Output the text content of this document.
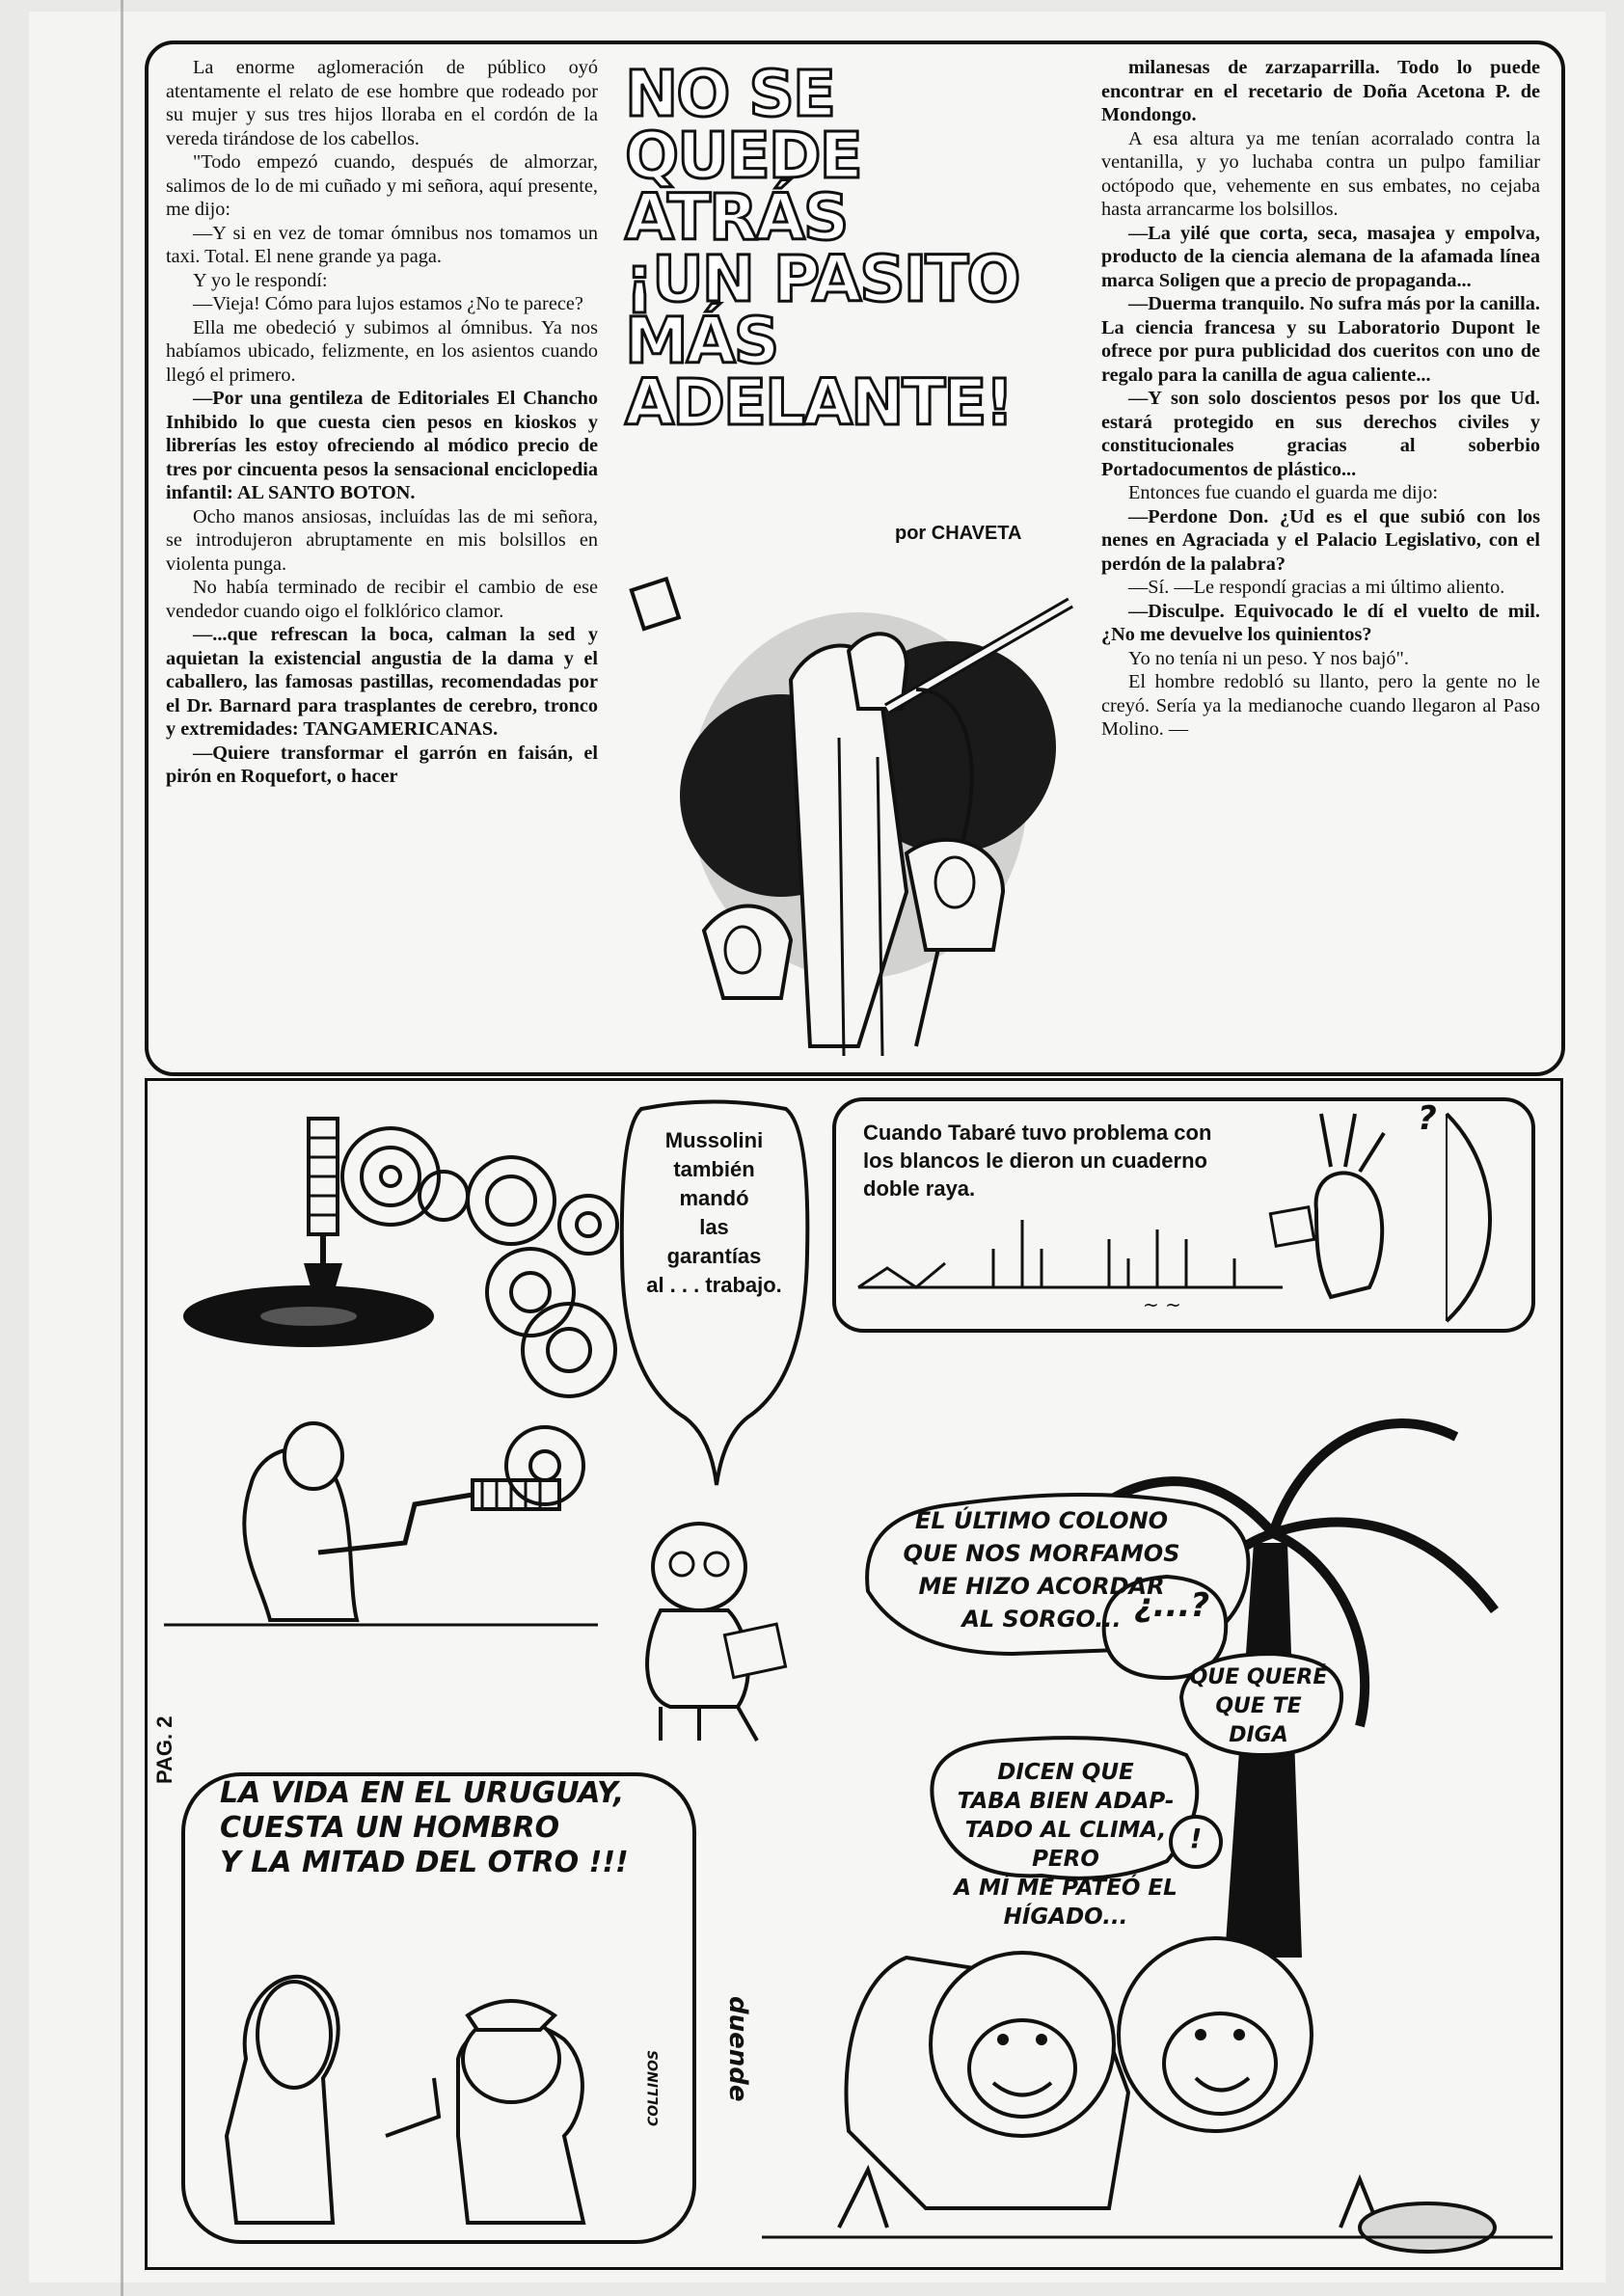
La enorme aglomeración de público oyó atentamente el relato de ese hombre que rodeado por su mujer y sus tres hijos lloraba en el cordón de la vereda tirándose de los cabellos.

"Todo empezó cuando, después de almorzar, salimos de lo de mi cuñado y mi señora, aquí presente, me dijo:

—Y si en vez de tomar ómnibus nos tomamos un taxi. Total. El nene grande ya paga.

Y yo le respondí:

—Vieja! Cómo para lujos estamos ¿No te parece?

Ella me obedeció y subimos al ómnibus. Ya nos habíamos ubicado, felizmente, en los asientos cuando llegó el primero.

—Por una gentileza de Editoriales El Chancho Inhibido lo que cuesta cien pesos en kioskos y librerías les estoy ofreciendo al módico precio de tres por cincuenta pesos la sensacional enciclopedia infantil: AL SANTO BOTON.

Ocho manos ansiosas, incluídas las de mi señora, se introdujeron abruptamente en mis bolsillos en violenta punga.

No había terminado de recibir el cambio de ese vendedor cuando oigo el folklórico clamor.

—...que refrescan la boca, calman la sed y aquietan la existencial angustia de la dama y el caballero, las famosas pastillas, recomendadas por el Dr. Barnard para trasplantes de cerebro, tronco y extremidades: TANGAMERICANAS.

—Quiere transformar el garrón en faisán, el pirón en Roquefort, o hacer

milanesas de zarzaparrilla. Todo lo puede encontrar en el recetario de Doña Acetona P. de Mondongo.

A esa altura ya me tenían acorralado contra la ventanilla, y yo luchaba contra un pulpo familiar octópodo que, vehemente en sus embates, no cejaba hasta arrancarme los bolsillos.

—La yilé que corta, seca, masajea y empolva, producto de la ciencia alemana de la afamada línea marca Soligen que a precio de propaganda...

—Duerma tranquilo. No sufra más por la canilla. La ciencia francesa y su Laboratorio Dupont le ofrece por pura publicidad dos cueritos con uno de regalo para la canilla de agua caliente...

—Y son solo doscientos pesos por los que Ud. estará protegido en sus derechos civiles y constitucionales gracias al soberbio Portadocumentos de plástico...

Entonces fue cuando el guarda me dijo:

—Perdone Don. ¿Ud es el que subió con los nenes en Agraciada y el Palacio Legislativo, con el perdón de la palabra?

—Sí. —Le respondí gracias a mi último aliento.

—Disculpe. Equivocado le dí el vuelto de mil. ¿No me devuelve los quinientos?

Yo no tenía ni un peso. Y nos bajó".

El hombre redobló su llanto, pero la gente no le creyó. Sería ya la medianoche cuando llegaron al Paso Molino. —

NO SE
QUEDE
ATRÁS
¡UN PASITO
MÁS
ADELANTE!
por CHAVETA
Mussolini
también
mandó
las
garantías
al . . . trabajo.
~ ~
Cuando Tabaré tuvo problema con
los blancos le dieron un cuaderno
doble raya.
?
EL ÚLTIMO COLONO
QUE NOS MORFAMOS
ME HIZO ACORDAR
AL SORGO...
DICEN QUE
TABA BIEN ADAP-
TADO AL CLIMA, PERO
A MÍ ME PATEÓ EL
HÍGADO...
¿...?
QUE QUERÉ
QUE TE DIGA
!
duende
LA VIDA EN EL URUGUAY,
CUESTA UN HOMBRO
Y LA MITAD DEL OTRO !!!
COLLINOS
PAG. 2
